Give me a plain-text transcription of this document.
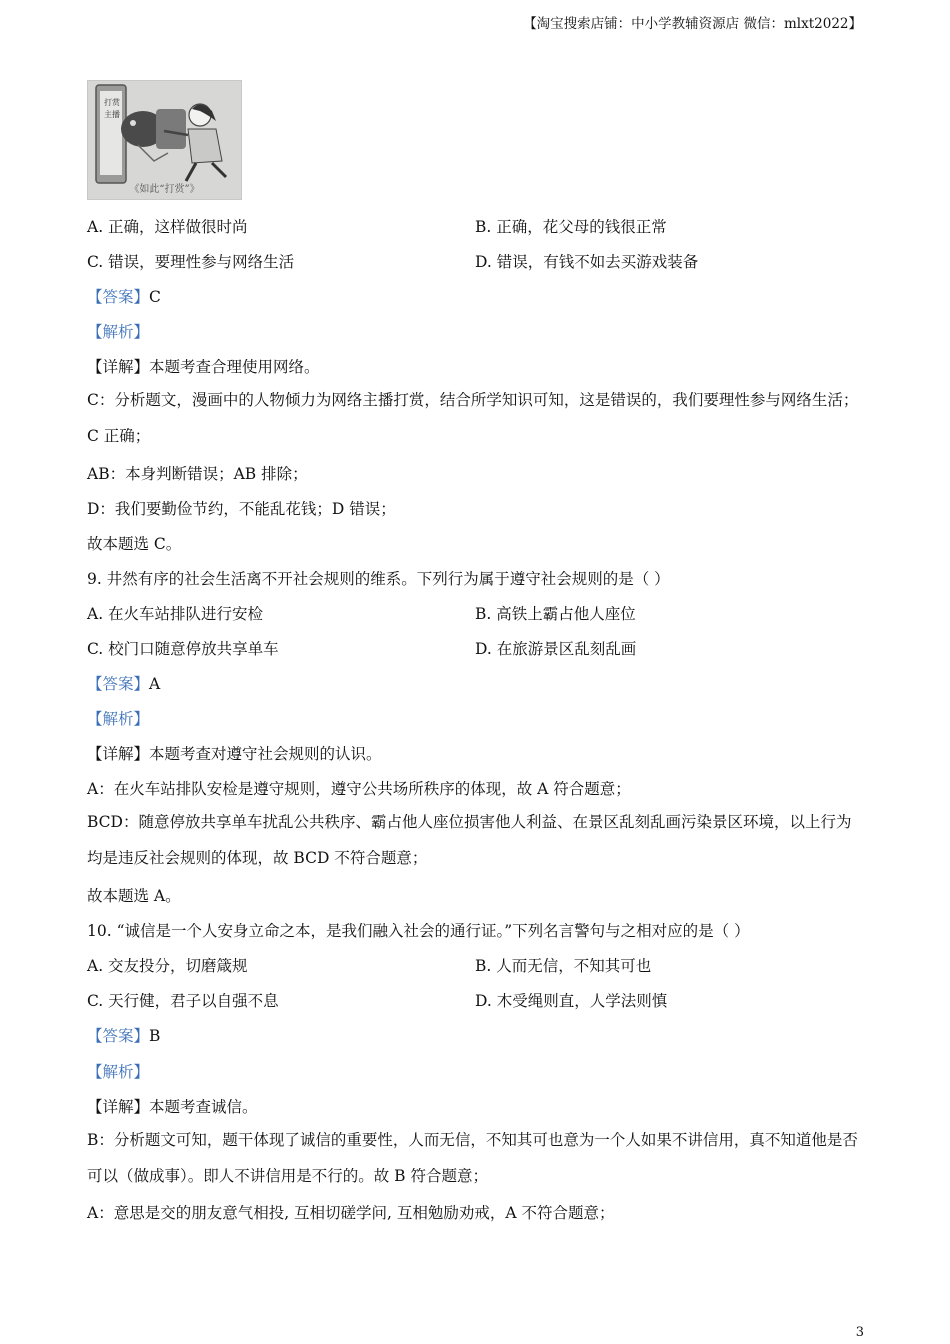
【淘宝搜索店铺：中小学教辅资源店 微信：mlxt2022】
打赏
主播
《如此“打赏”》
A. 正确，这样做很时尚	B. 正确，花父母的钱很正常
C. 错误，要理性参与网络生活	D. 错误，有钱不如去买游戏装备
【答案】C
【解析】
【详解】本题考查合理使用网络。
C：分析题文，漫画中的人物倾力为网络主播打赏，结合所学知识可知，这是错误的，我们要理性参与网络生活；C 正确；
AB：本身判断错误；AB 排除；
D：我们要勤俭节约，不能乱花钱；D 错误；
故本题选 C。
9. 井然有序的社会生活离不开社会规则的维系。下列行为属于遵守社会规则的是（ ）
A. 在火车站排队进行安检	B. 高铁上霸占他人座位
C. 校门口随意停放共享单车	D. 在旅游景区乱刻乱画
【答案】A
【解析】
【详解】本题考查对遵守社会规则的认识。
A：在火车站排队安检是遵守规则，遵守公共场所秩序的体现，故 A 符合题意；
BCD：随意停放共享单车扰乱公共秩序、霸占他人座位损害他人利益、在景区乱刻乱画污染景区环境，以上行为均是违反社会规则的体现，故 BCD 不符合题意；
故本题选 A。
10. “诚信是一个人安身立命之本，是我们融入社会的通行证。”下列名言警句与之相对应的是（ ）
A. 交友投分，切磨箴规	B. 人而无信，不知其可也
C. 天行健，君子以自强不息	D. 木受绳则直，人学法则慎
【答案】B
【解析】
【详解】本题考查诚信。
B：分析题文可知，题干体现了诚信的重要性，人而无信，不知其可也意为一个人如果不讲信用，真不知道他是否可以（做成事）。即人不讲信用是不行的。故 B 符合题意；
A：意思是交的朋友意气相投, 互相切磋学问, 互相勉励劝戒，A 不符合题意；
3
